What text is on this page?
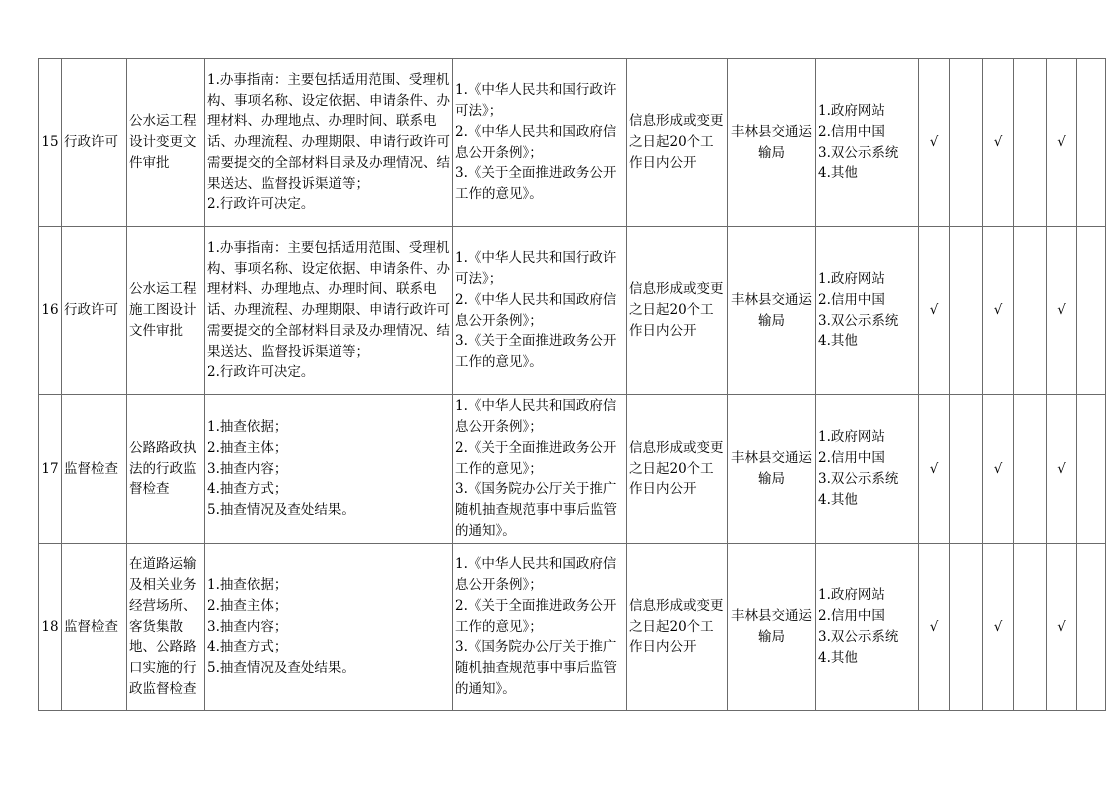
15	行政许可	公水运工程设计变更文件审批	1.办事指南：主要包括适用范围、受理机构、事项名称、设定依据、申请条件、办理材料、办理地点、办理时间、联系电话、办理流程、办理期限、申请行政许可需要提交的全部材料目录及办理情况、结果送达、监督投诉渠道等；
2.行政许可决定。	1.《中华人民共和国行政许可法》；
2.《中华人民共和国政府信息公开条例》；
3.《关于全面推进政务公开工作的意见》。	信息形成或变更之日起20个工作日内公开	丰林县交通运输局	1.政府网站
2.信用中国
3.双公示系统
4.其他	√		√		√	

16	行政许可	公水运工程施工图设计文件审批	1.办事指南：主要包括适用范围、受理机构、事项名称、设定依据、申请条件、办理材料、办理地点、办理时间、联系电话、办理流程、办理期限、申请行政许可需要提交的全部材料目录及办理情况、结果送达、监督投诉渠道等；
2.行政许可决定。	1.《中华人民共和国行政许可法》；
2.《中华人民共和国政府信息公开条例》；
3.《关于全面推进政务公开工作的意见》。	信息形成或变更之日起20个工作日内公开	丰林县交通运输局	1.政府网站
2.信用中国
3.双公示系统
4.其他	√		√		√	

17	监督检查	公路路政执法的行政监督检查	1.抽查依据；
2.抽查主体；
3.抽查内容；
4.抽查方式；
5.抽查情况及查处结果。	1.《中华人民共和国政府信息公开条例》；
2.《关于全面推进政务公开工作的意见》；
3.《国务院办公厅关于推广随机抽查规范事中事后监管的通知》。	信息形成或变更之日起20个工作日内公开	丰林县交通运输局	1.政府网站
2.信用中国
3.双公示系统
4.其他	√		√		√	

18	监督检查	在道路运输及相关业务经营场所、客货集散地、公路路口实施的行政监督检查	1.抽查依据；
2.抽查主体；
3.抽查内容；
4.抽查方式；
5.抽查情况及查处结果。	1.《中华人民共和国政府信息公开条例》；
2.《关于全面推进政务公开工作的意见》；
3.《国务院办公厅关于推广随机抽查规范事中事后监管的通知》。	信息形成或变更之日起20个工作日内公开	丰林县交通运输局	1.政府网站
2.信用中国
3.双公示系统
4.其他	√		√		√	
